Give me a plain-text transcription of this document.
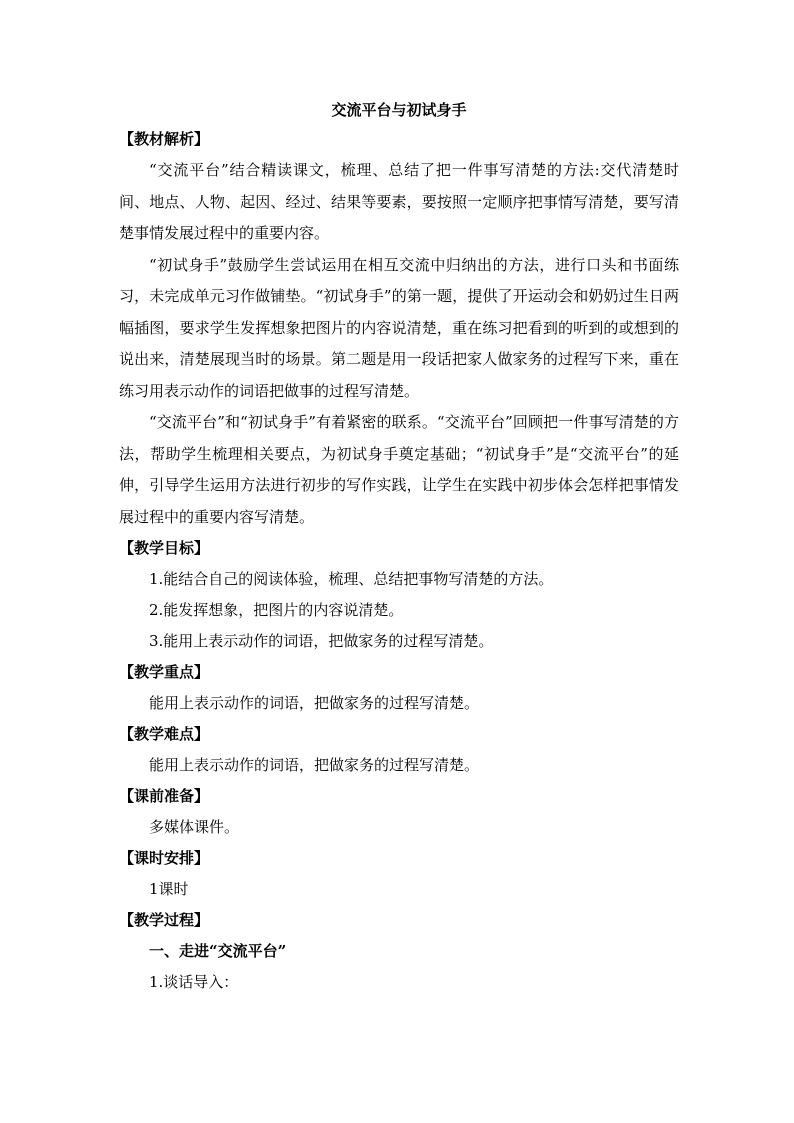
交流平台与初试身手
【教材解析】

“交流平台”结合精读课文，梳理、总结了把一件事写清楚的方法:交代清楚时间、地点、人物、起因、经过、结果等要素，要按照一定顺序把事情写清楚，要写清楚事情发展过程中的重要内容。

“初试身手”鼓励学生尝试运用在相互交流中归纳出的方法，进行口头和书面练习，未完成单元习作做铺垫。“初试身手”的第一题，提供了开运动会和奶奶过生日两幅插图，要求学生发挥想象把图片的内容说清楚，重在练习把看到的听到的或想到的说出来，清楚展现当时的场景。第二题是用一段话把家人做家务的过程写下来，重在练习用表示动作的词语把做事的过程写清楚。

“交流平台”和“初试身手”有着紧密的联系。“交流平台”回顾把一件事写清楚的方法，帮助学生梳理相关要点，为初试身手奠定基础；“初试身手”是“交流平台”的延伸，引导学生运用方法进行初步的写作实践，让学生在实践中初步体会怎样把事情发展过程中的重要内容写清楚。

【教学目标】
1.能结合自己的阅读体验，梳理、总结把事物写清楚的方法。
2.能发挥想象，把图片的内容说清楚。
3.能用上表示动作的词语，把做家务的过程写清楚。
【教学重点】
能用上表示动作的词语，把做家务的过程写清楚。
【教学难点】
能用上表示动作的词语，把做家务的过程写清楚。
【课前准备】
多媒体课件。
【课时安排】
1课时
【教学过程】
一、走进“交流平台”
1.谈话导入：
